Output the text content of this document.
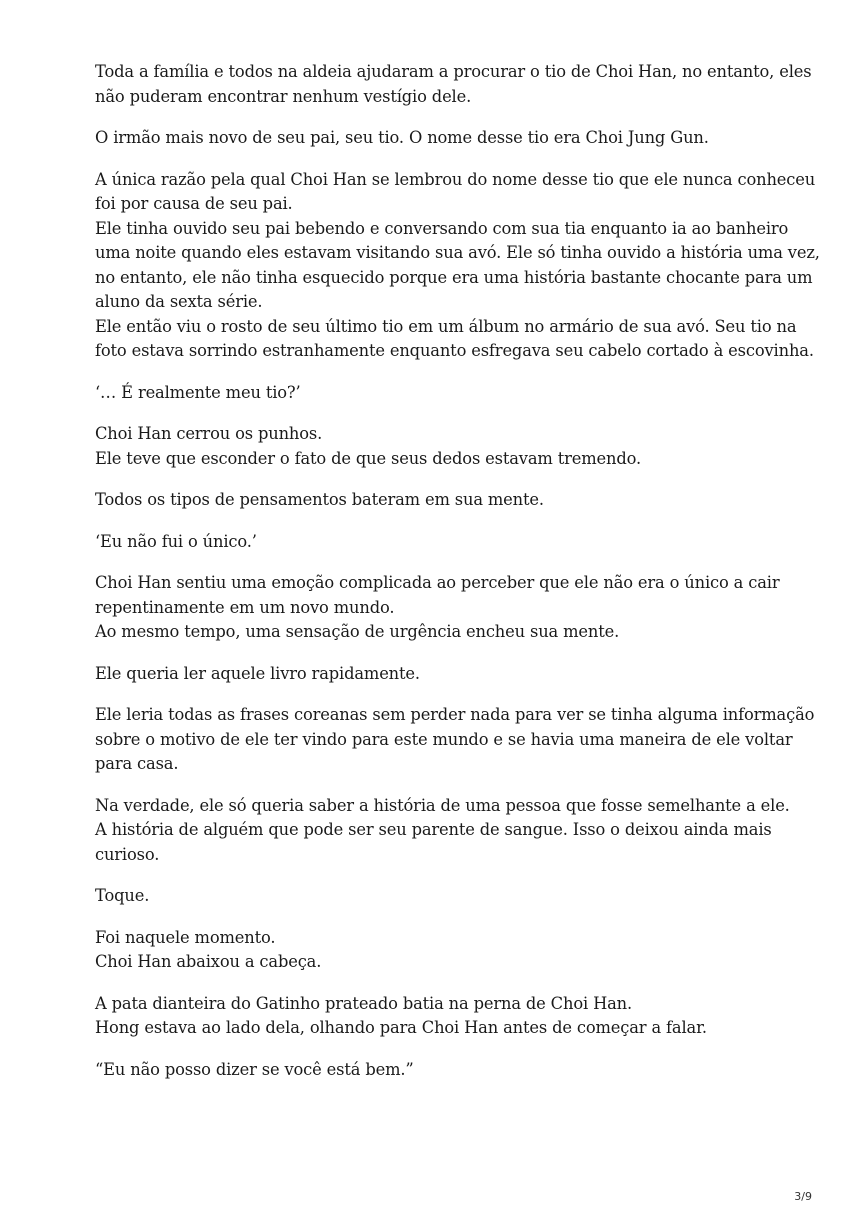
Toda a família e todos na aldeia ajudaram a procurar o tio de Choi Han, no entanto, eles
não puderam encontrar nenhum vestígio dele.

O irmão mais novo de seu pai, seu tio. O nome desse tio era Choi Jung Gun.

A única razão pela qual Choi Han se lembrou do nome desse tio que ele nunca conheceu
foi por causa de seu pai.
Ele tinha ouvido seu pai bebendo e conversando com sua tia enquanto ia ao banheiro
uma noite quando eles estavam visitando sua avó. Ele só tinha ouvido a história uma vez,
no entanto, ele não tinha esquecido porque era uma história bastante chocante para um
aluno da sexta série.
Ele então viu o rosto de seu último tio em um álbum no armário de sua avó. Seu tio na
foto estava sorrindo estranhamente enquanto esfregava seu cabelo cortado à escovinha.

‘… É realmente meu tio?’

Choi Han cerrou os punhos.
Ele teve que esconder o fato de que seus dedos estavam tremendo.

Todos os tipos de pensamentos bateram em sua mente.

‘Eu não fui o único.’

Choi Han sentiu uma emoção complicada ao perceber que ele não era o único a cair
repentinamente em um novo mundo.
Ao mesmo tempo, uma sensação de urgência encheu sua mente.

Ele queria ler aquele livro rapidamente.

Ele leria todas as frases coreanas sem perder nada para ver se tinha alguma informação
sobre o motivo de ele ter vindo para este mundo e se havia uma maneira de ele voltar
para casa.

Na verdade, ele só queria saber a história de uma pessoa que fosse semelhante a ele.
A história de alguém que pode ser seu parente de sangue. Isso o deixou ainda mais
curioso.

Toque.

Foi naquele momento.
Choi Han abaixou a cabeça.

A pata dianteira do Gatinho prateado batia na perna de Choi Han.
Hong estava ao lado dela, olhando para Choi Han antes de começar a falar.

“Eu não posso dizer se você está bem.”

3/9
